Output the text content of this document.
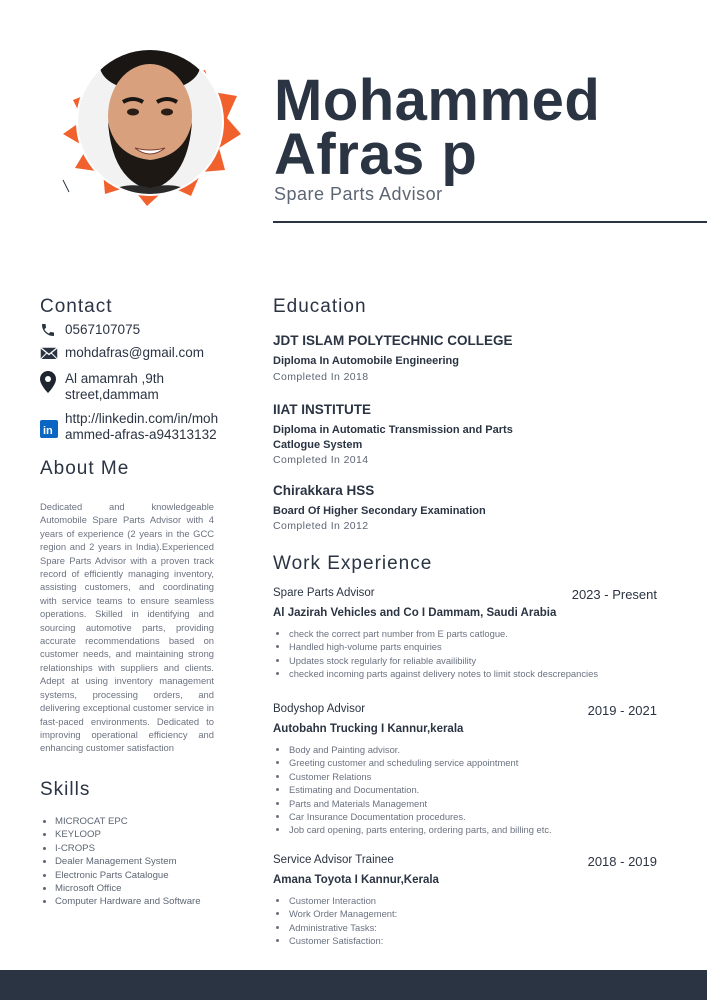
Mohammed
Afras p
Spare Parts Advisor
Contact
0567107075
mohdafras@gmail.com
Al amamrah ,9th street,dammam
in
http://linkedin.com/in/mohammed-afras-a94313132
About Me
Dedicated and knowledgeable Automobile Spare Parts Advisor with 4 years of experience (2 years in the GCC region and 2 years in India).Experienced Spare Parts Advisor with a proven track record of efficiently managing inventory, assisting customers, and coordinating with service teams to ensure seamless operations. Skilled in identifying and sourcing automotive parts, providing accurate recommendations based on customer needs, and maintaining strong relationships with suppliers and clients. Adept at using inventory management systems, processing orders, and delivering exceptional customer service in fast-paced environments. Dedicated to improving operational efficiency and enhancing customer satisfaction
Skills
• MICROCAT EPC
• KEYLOOP
• I-CROPS
• Dealer Management System
• Electronic Parts Catalogue
• Microsoft Office
• Computer Hardware and Software
Education
JDT ISLAM POLYTECHNIC COLLEGE
Diploma In Automobile Engineering
Completed In 2018
IIAT INSTITUTE
Diploma in Automatic Transmission and Parts Catlogue System
Completed In 2014
Chirakkara HSS
Board Of Higher Secondary Examination
Completed In 2012
Work Experience
Spare Parts Advisor	2023 - Present
Al Jazirah Vehicles and Co I Dammam, Saudi Arabia
• check the correct part number from E parts catlogue.
• Handled high-volume parts enquiries
• Updates stock regularly for reliable availibility
• checked incoming parts against delivery notes to limit stock descrepancies
Bodyshop Advisor	2019 - 2021
Autobahn Trucking I Kannur,kerala
• Body and Painting advisor.
• Greeting customer and scheduling service appointment
• Customer Relations
• Estimating and Documentation.
• Parts and Materials Management
• Car Insurance Documentation procedures.
• Job card opening, parts entering, ordering parts, and billing etc.
Service Advisor Trainee	2018 - 2019
Amana Toyota I Kannur,Kerala
• Customer Interaction
• Work Order Management:
• Administrative Tasks:
• Customer Satisfaction:
